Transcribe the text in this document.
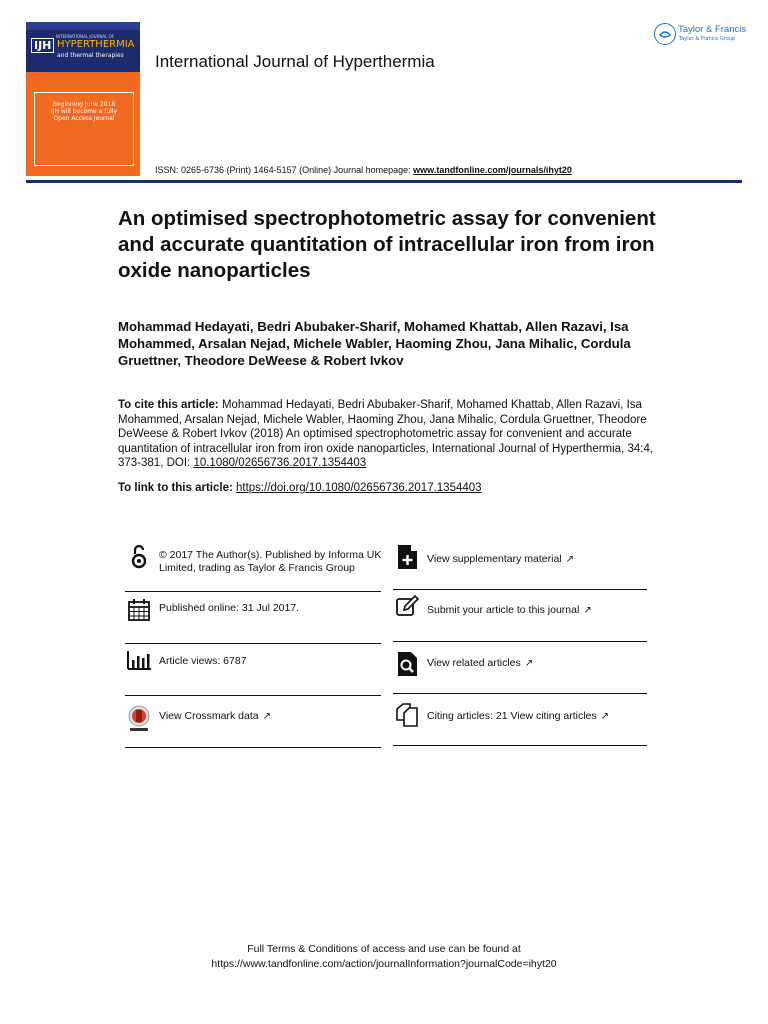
IJH
INTERNATIONAL JOURNAL OF
HYPERTHERMIA
and thermal therapies
Beginning June 2018
IJH will become a fully
Open Access Journal
International Journal of Hyperthermia
ISSN: 0265-6736 (Print) 1464-5157 (Online) Journal homepage: www.tandfonline.com/journals/ihyt20
Taylor & Francis
Taylor & Francis Group
An optimised spectrophotometric assay for convenient and accurate quantitation of intracellular iron from iron oxide nanoparticles
Mohammad Hedayati, Bedri Abubaker-Sharif, Mohamed Khattab, Allen Razavi, Isa Mohammed, Arsalan Nejad, Michele Wabler, Haoming Zhou, Jana Mihalic, Cordula Gruettner, Theodore DeWeese & Robert Ivkov
To cite this article: Mohammad Hedayati, Bedri Abubaker-Sharif, Mohamed Khattab, Allen Razavi, Isa Mohammed, Arsalan Nejad, Michele Wabler, Haoming Zhou, Jana Mihalic, Cordula Gruettner, Theodore DeWeese & Robert Ivkov (2018) An optimised spectrophotometric assay for convenient and accurate quantitation of intracellular iron from iron oxide nanoparticles, International Journal of Hyperthermia, 34:4, 373-381, DOI: 10.1080/02656736.2017.1354403
To link to this article: https://doi.org/10.1080/02656736.2017.1354403
© 2017 The Author(s). Published by Informa UK Limited, trading as Taylor & Francis Group
Published online: 31 Jul 2017.
Article views: 6787
View Crossmark data ↗
View supplementary material ↗
Submit your article to this journal ↗
View related articles ↗
Citing articles: 21 View citing articles ↗
Full Terms & Conditions of access and use can be found at
https://www.tandfonline.com/action/journalInformation?journalCode=ihyt20
